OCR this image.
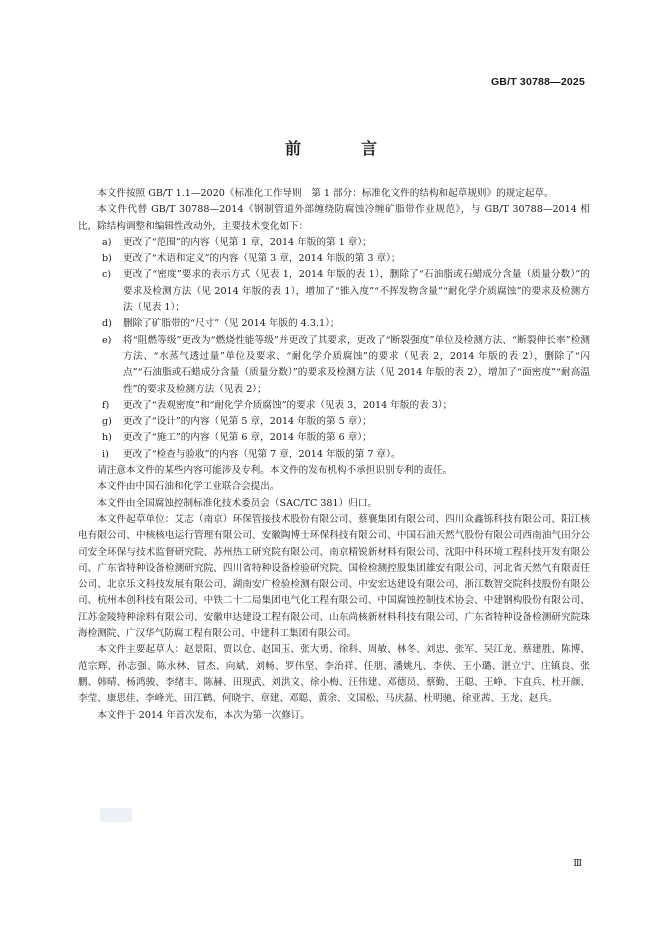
GB/T 30788—2025
前　言

本文件按照 GB/T 1.1—2020《标准化工作导则　第 1 部分：标准化文件的结构和起草规则》的规定起草。

本文件代替 GB/T 30788—2014《钢制管道外部缠绕防腐蚀冷缠矿脂带作业规范》，与 GB/T 30788—2014 相比，除结构调整和编辑性改动外，主要技术变化如下：

a) 更改了“范围”的内容（见第 1 章，2014 年版的第 1 章）；

b) 更改了“术语和定义”的内容（见第 3 章，2014 年版的第 3 章）；

c) 更改了“密度”要求的表示方式（见表 1，2014 年版的表 1），删除了“石油脂或石蜡成分含量（质量分数）”的要求及检测方法（见 2014 年版的表 1），增加了“锥入度”“不挥发物含量”“耐化学介质腐蚀”的要求及检测方法（见表 1）；

d) 删除了矿脂带的“尺寸”（见 2014 年版的 4.3.1）；

e) 将“阻燃等级”更改为“燃烧性能等级”并更改了其要求，更改了“断裂强度”单位及检测方法、“断裂伸长率”检测方法、“水蒸气透过量”单位及要求、“耐化学介质腐蚀”的要求（见表 2，2014 年版的表 2），删除了“闪点”“石油脂或石蜡成分含量（质量分数）”的要求及检测方法（见 2014 年版的表 2），增加了“面密度”“耐高温性”的要求及检测方法（见表 2）；

f) 更改了“表观密度”和“耐化学介质腐蚀”的要求（见表 3，2014 年版的表 3）；

g) 更改了“设计”的内容（见第 5 章，2014 年版的第 5 章）；

h) 更改了“施工”的内容（见第 6 章，2014 年版的第 6 章）；

i) 更改了“检查与验收”的内容（见第 7 章，2014 年版的第 7 章）。

请注意本文件的某些内容可能涉及专利。本文件的发布机构不承担识别专利的责任。

本文件由中国石油和化学工业联合会提出。

本文件由全国腐蚀控制标准化技术委员会（SAC/TC 381）归口。

本文件起草单位：艾志（南京）环保管接技术股份有限公司、蔡襄集团有限公司、四川众鑫铄科技有限公司、阳江核电有限公司、中核核电运行管理有限公司、安徽陶博士环保科技有限公司、中国石油天然气股份有限公司西南油气田分公司安全环保与技术监督研究院、苏州热工研究院有限公司、南京精锐新材料有限公司、沈阳中科环境工程科技开发有限公司、广东省特种设备检测研究院、四川省特种设备检验研究院、国检检测控股集团雄安有限公司、河北省天然气有限责任公司、北京乐文科技发展有限公司、湖南安广检验检测有限公司、中安宏达建设有限公司、浙江数智交院科技股份有限公司、杭州本创科技有限公司、中铁二十二局集团电气化工程有限公司、中国腐蚀控制技术协会、中建钢构股份有限公司、江苏金陵特种涂料有限公司、安徽申达建设工程有限公司、山东尚核新材料科技有限公司、广东省特种设备检测研究院珠海检测院、广汉华气防腐工程有限公司、中建科工集团有限公司。

本文件主要起草人：赵景阳、贾以仓、赵国玉、张大勇、徐科、周敏、林冬、刘忠、张军、吴江龙、蔡建胜、陈博、范宗辉、孙志强、陈永林、冒杰、向斌、刘畅、罗伟坚、李治祥、任朋、潘姚凡、李侠、王小璐、湛立宁、庄镇良、张鹏、韩晴、杨鸿骏、李绪丰、陈赫、田现武、刘洪文、徐小梅、汪伟建、邓德员、蔡勤、王聪、王峥、卞直兵、杜开颜、李莹、康思佳、李峰光、田江鹤、何晓宇、章建、邓聪、黄余、文国松、马庆磊、杜明驰、徐亚茜、王龙、赵兵。

本文件于 2014 年首次发布，本次为第一次修订。

Ⅲ
